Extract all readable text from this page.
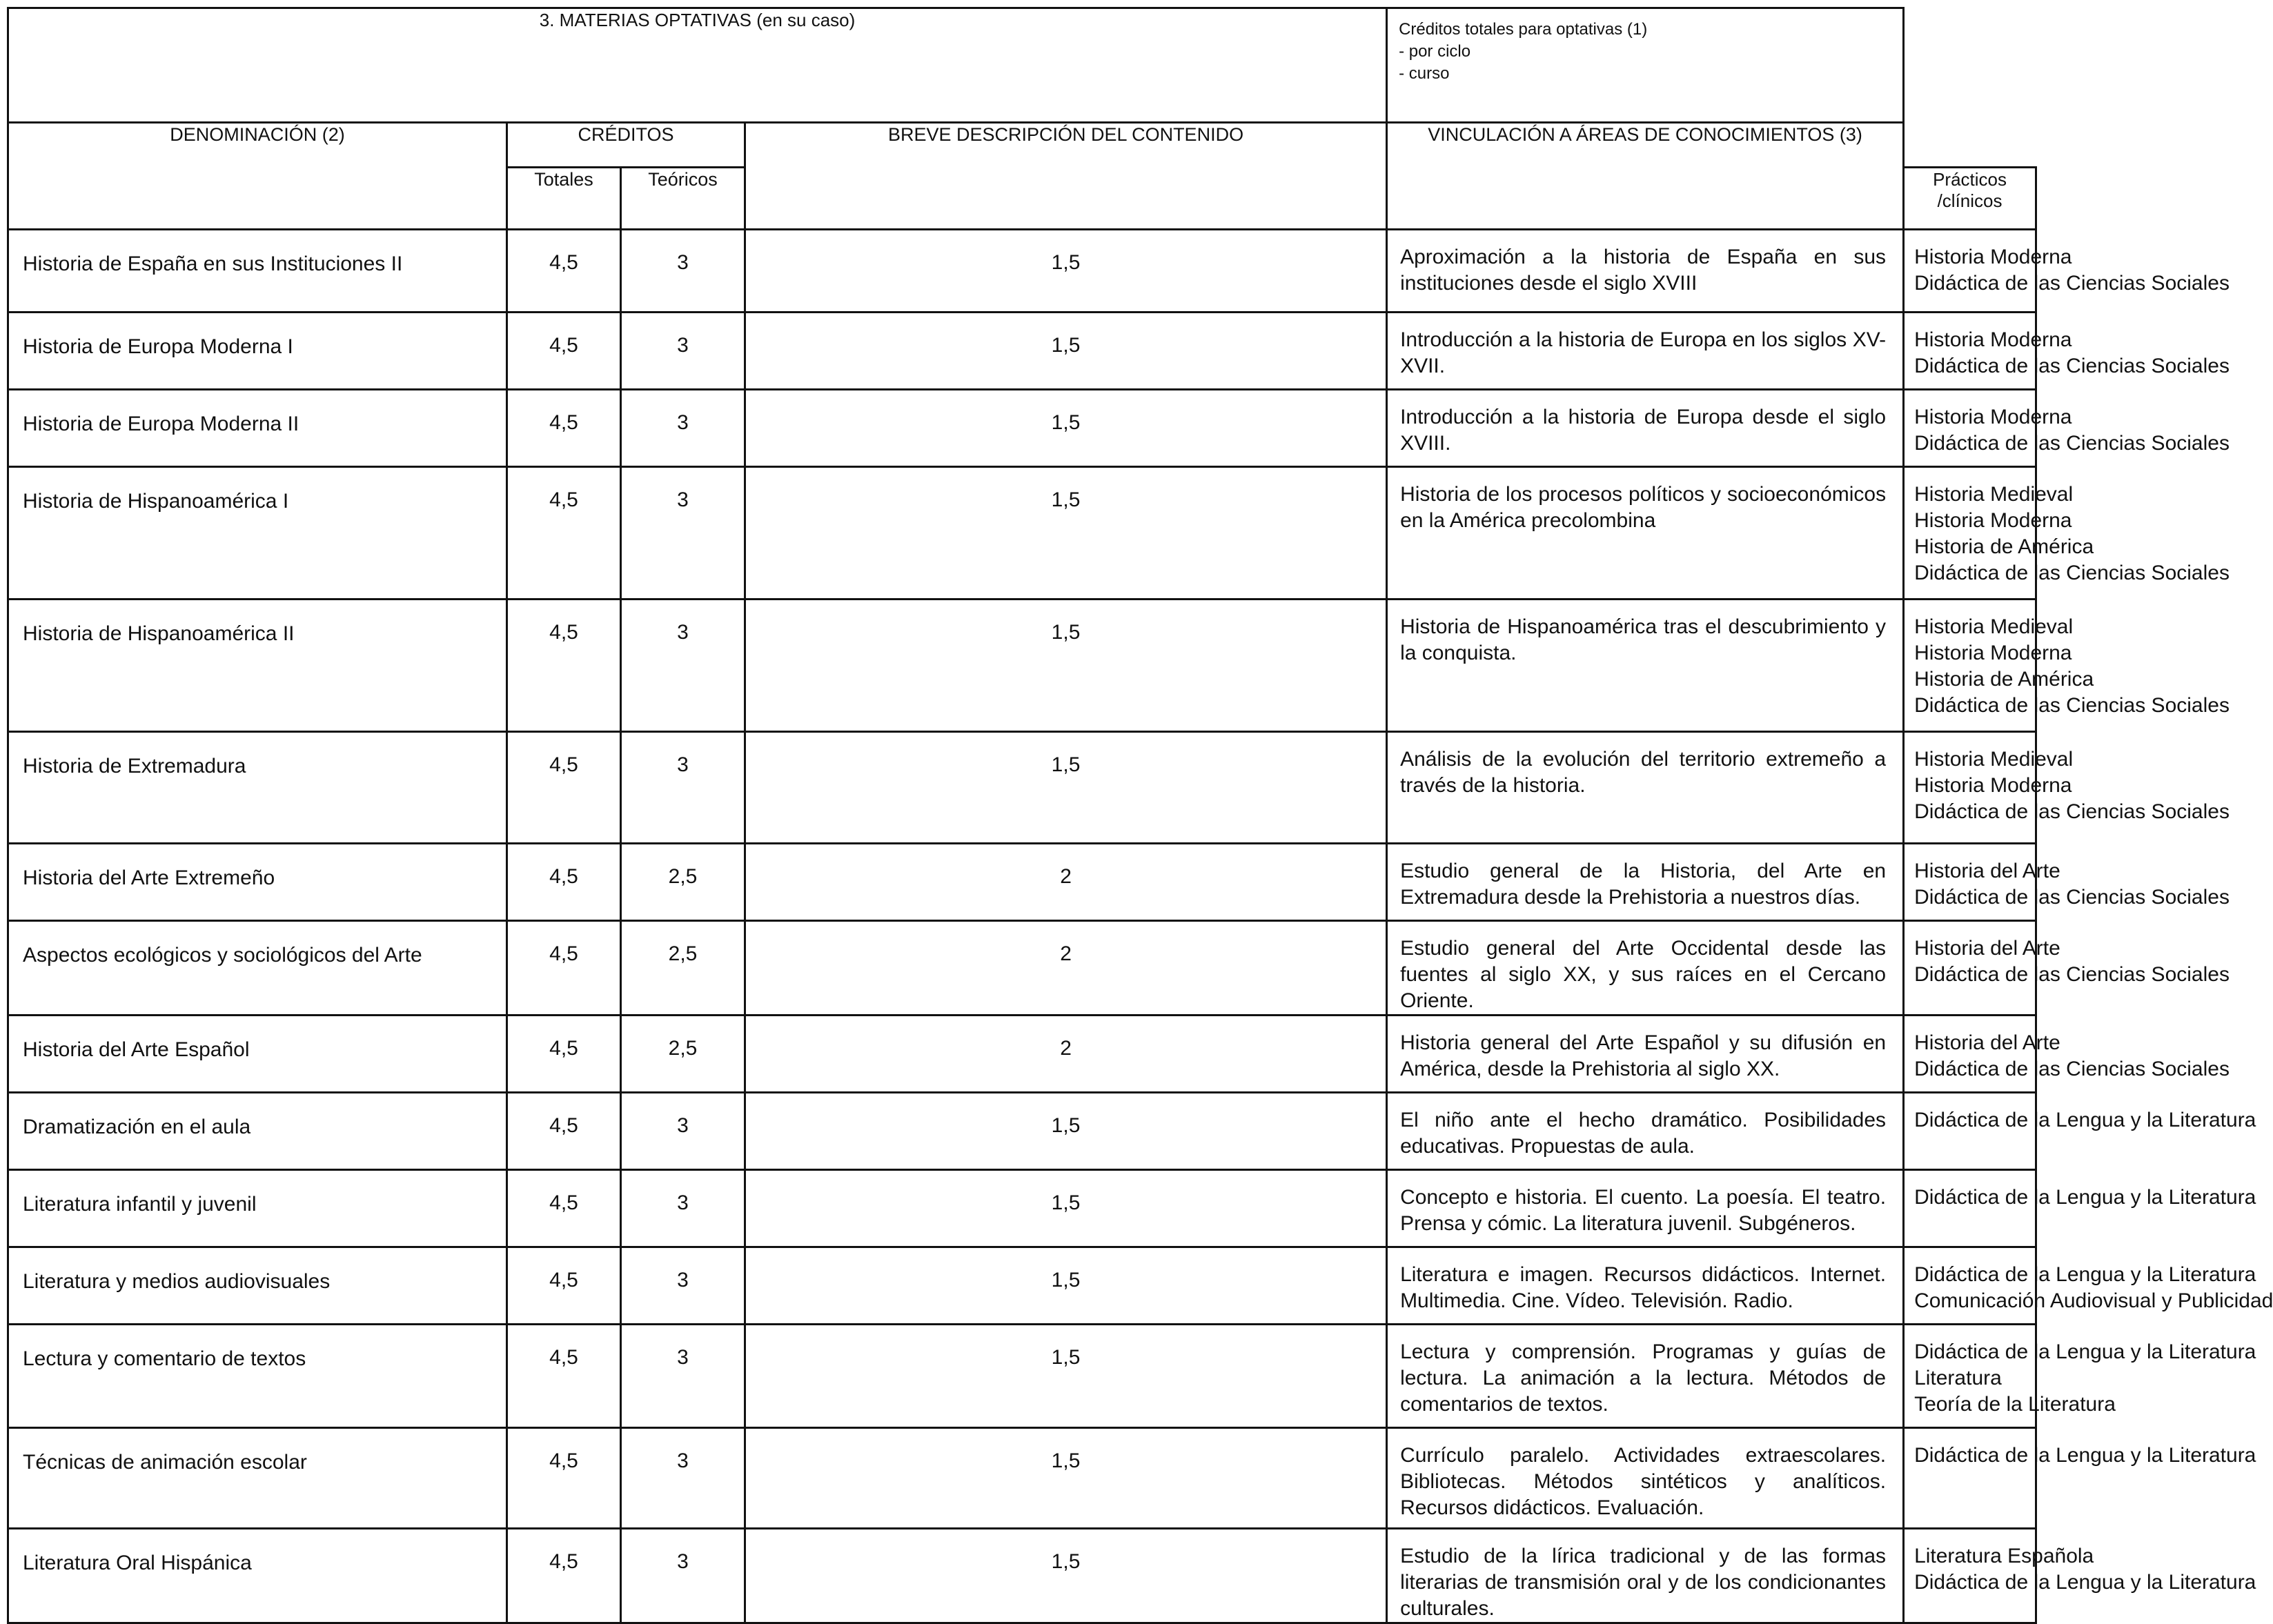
3. MATERIAS OPTATIVAS (en su caso)				Créditos totales para optativas (1)
- por ciclo
- curso	

DENOMINACIÓN (2)	CRÉDITOS		BREVE DESCRIPCIÓN DEL CONTENIDO	VINCULACIÓN A ÁREAS DE CONOCIMIENTOS (3)	
	Totales	Teóricos			Prácticos /clínicos
Historia de España en sus Instituciones II	4,5	3	1,5	Aproximación a la historia de España en sus instituciones desde el siglo XVIII	Historia Moderna
Didáctica de las Ciencias Sociales

Historia de Europa Moderna I	4,5	3	1,5	Introducción a la historia de Europa en los siglos XV-XVII.	Historia Moderna
Didáctica de las Ciencias Sociales

Historia de Europa Moderna II	4,5	3	1,5	Introducción a la historia de Europa desde el siglo XVIII.	Historia Moderna
Didáctica de las Ciencias Sociales

Historia de Hispanoamérica I	4,5	3	1,5	Historia de los procesos políticos y socioeconómicos en la América precolombina	Historia Medieval
Historia Moderna
Historia de América
Didáctica de las Ciencias Sociales

Historia de Hispanoamérica II	4,5	3	1,5	Historia de Hispanoamérica tras el descubrimiento y la conquista.	Historia Medieval
Historia Moderna
Historia de América
Didáctica de las Ciencias Sociales

Historia de Extremadura	4,5	3	1,5	Análisis de la evolución del territorio extremeño a través de la historia.	Historia Medieval
Historia Moderna
Didáctica de las Ciencias Sociales

Historia del Arte Extremeño	4,5	2,5	2	Estudio general de la Historia, del Arte en Extremadura desde la Prehistoria a nuestros días.	Historia del Arte
Didáctica de las Ciencias Sociales

Aspectos ecológicos y sociológicos del Arte	4,5	2,5	2	Estudio general del Arte Occidental desde las fuentes al siglo XX, y sus raíces en el Cercano Oriente.	Historia del Arte
Didáctica de las Ciencias Sociales

Historia del Arte Español	4,5	2,5	2	Historia general del Arte Español y su difusión en América, desde la Prehistoria al siglo XX.	Historia del Arte
Didáctica de las Ciencias Sociales

Dramatización en el aula	4,5	3	1,5	El niño ante el hecho dramático. Posibilidades educativas. Propuestas de aula.	Didáctica de la Lengua y la Literatura

Literatura infantil y juvenil	4,5	3	1,5	Concepto e historia. El cuento. La poesía. El teatro. Prensa y cómic. La literatura juvenil. Subgéneros.	Didáctica de la Lengua y la Literatura

Literatura y medios audiovisuales	4,5	3	1,5	Literatura e imagen. Recursos didácticos. Internet. Multimedia. Cine. Vídeo. Televisión. Radio.	Didáctica de la Lengua y la Literatura
Comunicación Audiovisual y Publicidad

Lectura y comentario de textos	4,5	3	1,5	Lectura y comprensión. Programas y guías de lectura. La animación a la lectura. Métodos de comentarios de textos.	Didáctica de la Lengua y la Literatura
Literatura
Teoría de la Literatura

Técnicas de animación escolar	4,5	3	1,5	Currículo paralelo. Actividades extraescolares. Bibliotecas. Métodos sintéticos y analíticos. Recursos didácticos. Evaluación.	Didáctica de la Lengua y la Literatura

Literatura Oral Hispánica	4,5	3	1,5	Estudio de la lírica tradicional y de las formas literarias de transmisión oral y de los condicionantes culturales.	Literatura Española
Didáctica de la Lengua y la Literatura
